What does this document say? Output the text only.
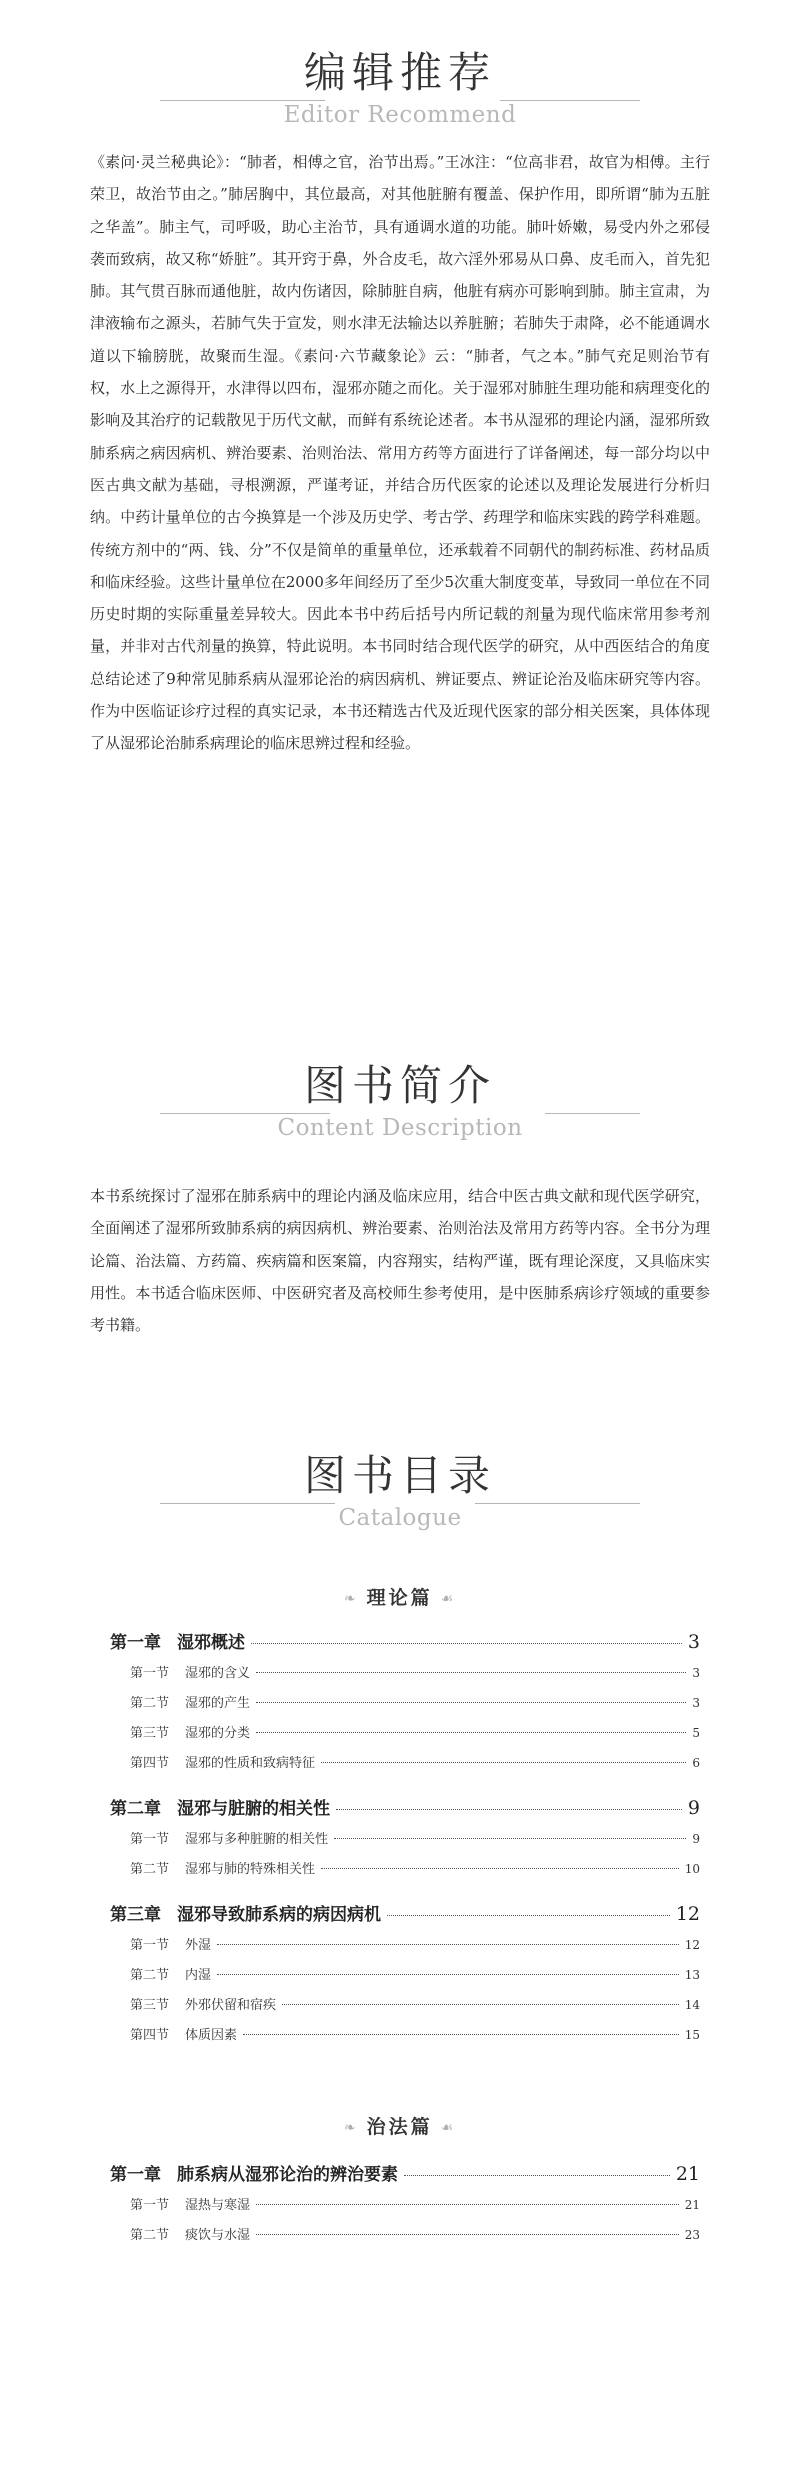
编辑推荐
Editor Recommend
《素问·灵兰秘典论》：“肺者，相傅之官，治节出焉。”王冰注：“位高非君，故官为相傅。主行荣卫，故治节由之。”肺居胸中，其位最高，对其他脏腑有覆盖、保护作用，即所谓“肺为五脏之华盖”。肺主气，司呼吸，助心主治节，具有通调水道的功能。肺叶娇嫩，易受内外之邪侵袭而致病，故又称“娇脏”。其开窍于鼻，外合皮毛，故六淫外邪易从口鼻、皮毛而入，首先犯肺。其气贯百脉而通他脏，故内伤诸因，除肺脏自病，他脏有病亦可影响到肺。肺主宣肃，为津液输布之源头，若肺气失于宣发，则水津无法输达以养脏腑；若肺失于肃降，必不能通调水道以下输膀胱，故聚而生湿。《素问·六节藏象论》云：“肺者，气之本。”肺气充足则治节有权，水上之源得开，水津得以四布，湿邪亦随之而化。关于湿邪对肺脏生理功能和病理变化的影响及其治疗的记载散见于历代文献，而鲜有系统论述者。本书从湿邪的理论内涵，湿邪所致肺系病之病因病机、辨治要素、治则治法、常用方药等方面进行了详备阐述，每一部分均以中医古典文献为基础，寻根溯源，严谨考证，并结合历代医家的论述以及理论发展进行分析归纳。中药计量单位的古今换算是一个涉及历史学、考古学、药理学和临床实践的跨学科难题。传统方剂中的“两、钱、分”不仅是简单的重量单位，还承载着不同朝代的制药标准、药材品质和临床经验。这些计量单位在2000多年间经历了至少5次重大制度变革，导致同一单位在不同历史时期的实际重量差异较大。因此本书中药后括号内所记载的剂量为现代临床常用参考剂量，并非对古代剂量的换算，特此说明。本书同时结合现代医学的研究，从中西医结合的角度总结论述了9种常见肺系病从湿邪论治的病因病机、辨证要点、辨证论治及临床研究等内容。作为中医临证诊疗过程的真实记录，本书还精选古代及近现代医家的部分相关医案，具体体现了从湿邪论治肺系病理论的临床思辨过程和经验。
图书简介
Content Description
本书系统探讨了湿邪在肺系病中的理论内涵及临床应用，结合中医古典文献和现代医学研究，全面阐述了湿邪所致肺系病的病因病机、辨治要素、治则治法及常用方药等内容。全书分为理论篇、治法篇、方药篇、疾病篇和医案篇，内容翔实，结构严谨，既有理论深度，又具临床实用性。本书适合临床医师、中医研究者及高校师生参考使用，是中医肺系病诊疗领域的重要参考书籍。
图书目录
Catalogue
❧ 理论篇 ☙
第一章 湿邪概述	3
第一节 湿邪的含义	3
第二节 湿邪的产生	3
第三节 湿邪的分类	5
第四节 湿邪的性质和致病特征	6
第二章 湿邪与脏腑的相关性	9
第一节 湿邪与多种脏腑的相关性	9
第二节 湿邪与肺的特殊相关性	10
第三章 湿邪导致肺系病的病因病机	12
第一节 外湿	12
第二节 内湿	13
第三节 外邪伏留和宿疾	14
第四节 体质因素	15
❧ 治法篇 ☙
第一章 肺系病从湿邪论治的辨治要素	21
第一节 湿热与寒湿	21
第二节 痰饮与水湿	23
